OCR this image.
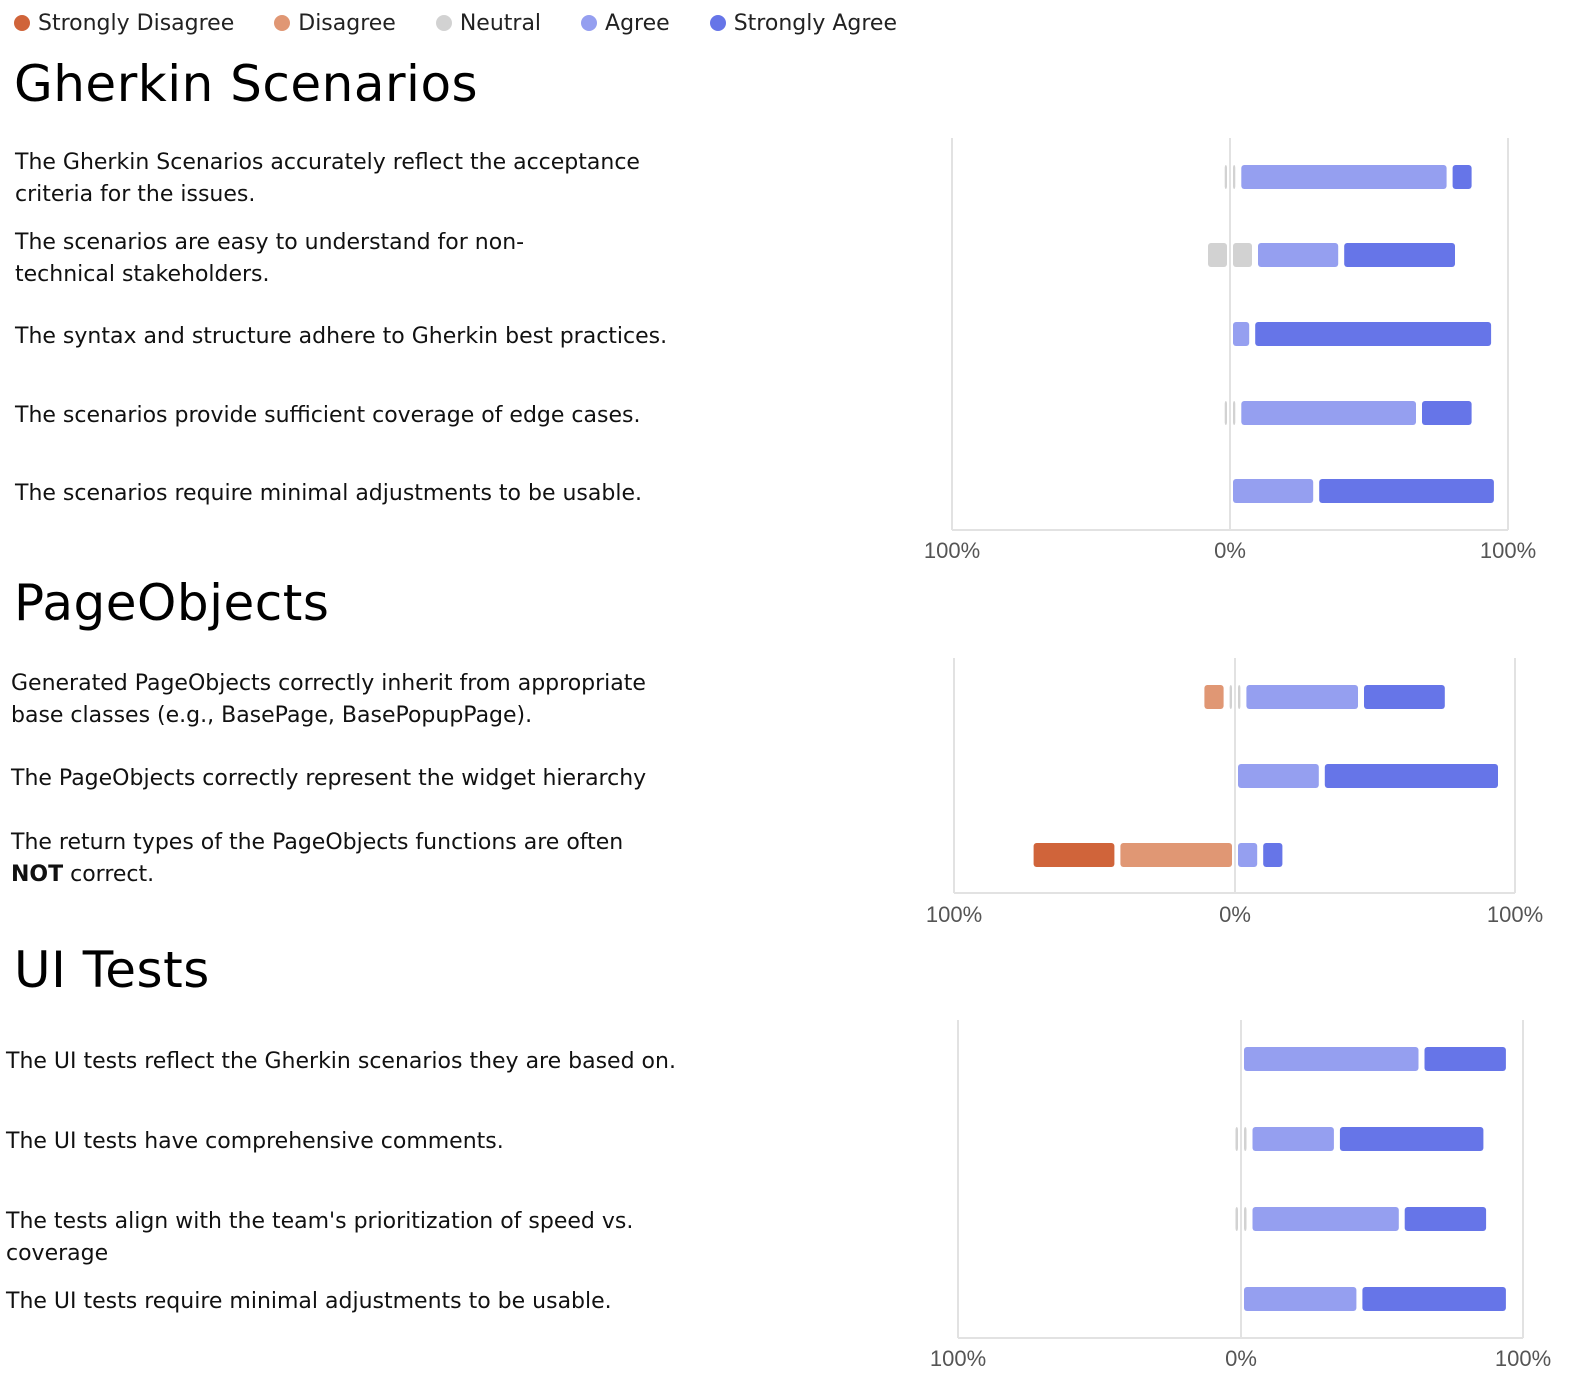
Strongly Disagree	Disagree	Neutral	Agree	Strongly Agree
Gherkin Scenarios
PageObjects
UI Tests
The Gherkin Scenarios accurately reflect the acceptance criteria for the issues.
The scenarios are easy to understand for non-technical stakeholders.
The syntax and structure adhere to Gherkin best practices.
The scenarios provide sufficient coverage of edge cases.
The scenarios require minimal adjustments to be usable.
Generated PageObjects correctly inherit from appropriate base classes (e.g., BasePage, BasePopupPage).
The PageObjects correctly represent the widget hierarchy
The return types of the PageObjects functions are often NOT correct.
The UI tests reflect the Gherkin scenarios they are based on.
The UI tests have comprehensive comments.
The tests align with the team's prioritization of speed vs. coverage
The UI tests require minimal adjustments to be usable.
100%	0%	100%
100%	0%	100%
100%	0%	100%
